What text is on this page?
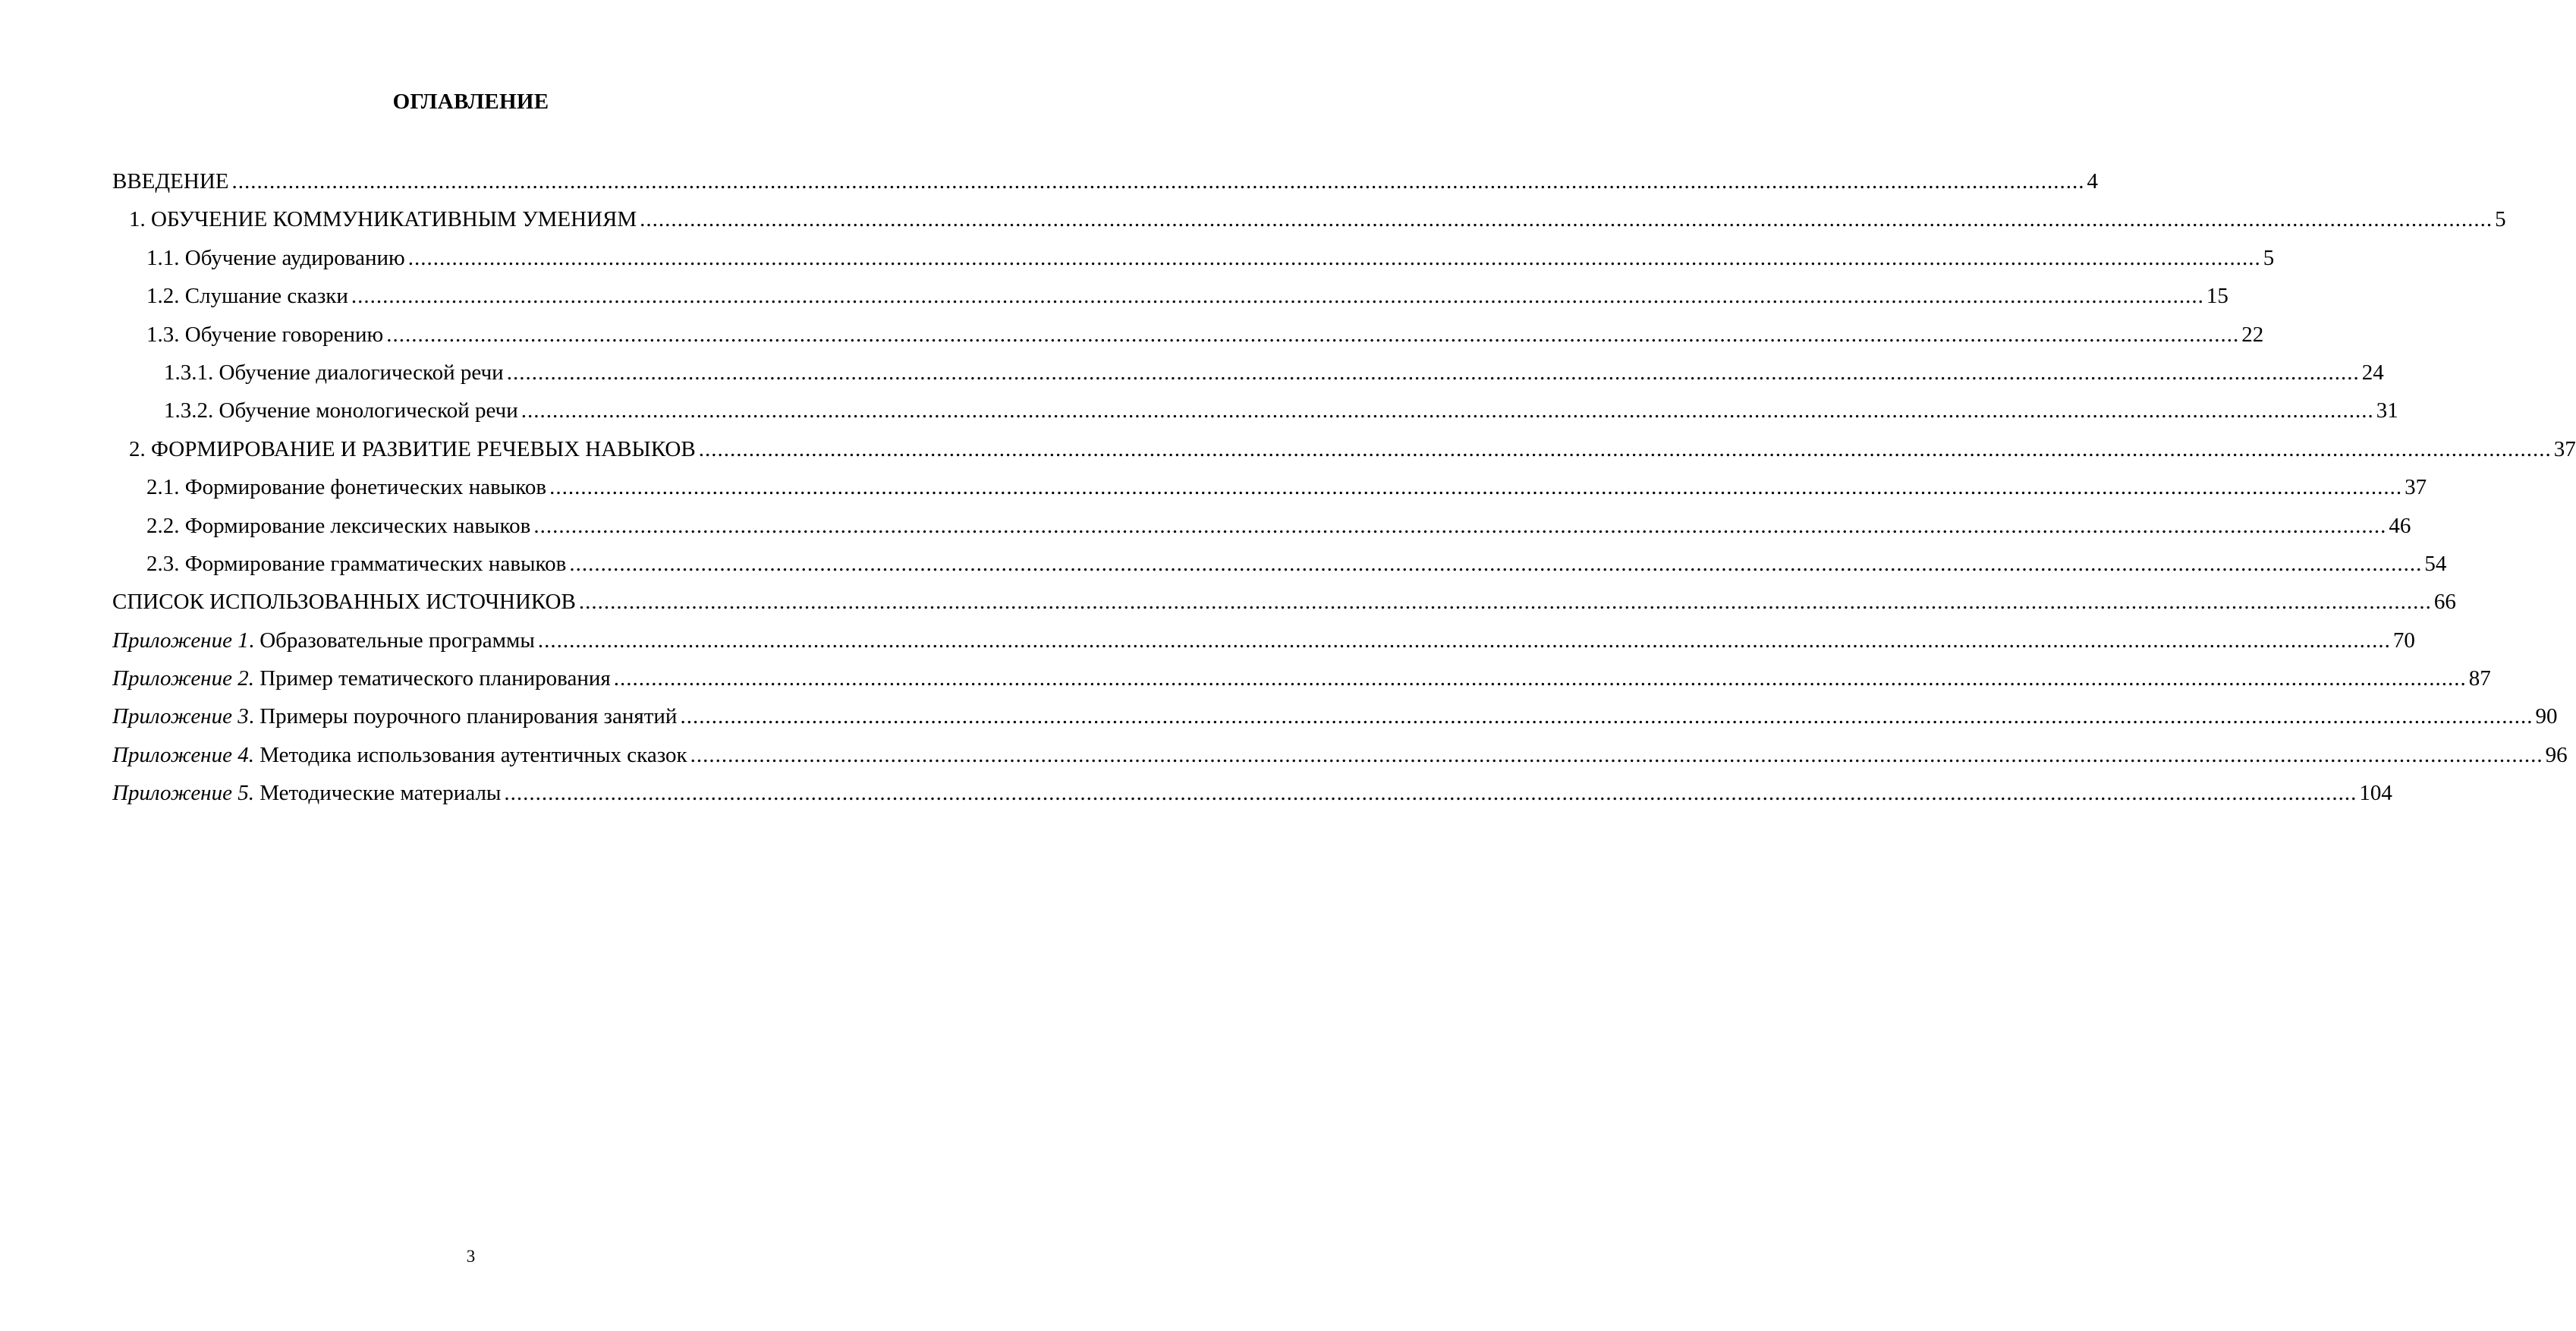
ОГЛАВЛЕНИЕ
ВВЕДЕНИЕ .....	4
1. ОБУЧЕНИЕ КОММУНИКАТИВНЫМ УМЕНИЯМ .....	5
1.1. Обучение аудированию .....	5
1.2. Слушание сказки .....	15
1.3. Обучение говорению .....	22
1.3.1. Обучение диалогической речи .....	24
1.3.2. Обучение монологической речи .....	31
2. ФОРМИРОВАНИЕ И РАЗВИТИЕ РЕЧЕВЫХ НАВЫКОВ .....	37
2.1. Формирование фонетических навыков .....	37
2.2. Формирование лексических навыков .....	46
2.3. Формирование грамматических навыков .....	54
СПИСОК ИСПОЛЬЗОВАННЫХ ИСТОЧНИКОВ .....	66
Приложение 1. Образовательные программы .....	70
Приложение 2. Пример тематического планирования .....	87
Приложение 3. Примеры поурочного планирования занятий .....	90
Приложение 4. Методика использования аутентичных сказок .....	96
Приложение 5. Методические материалы .....	104
3
